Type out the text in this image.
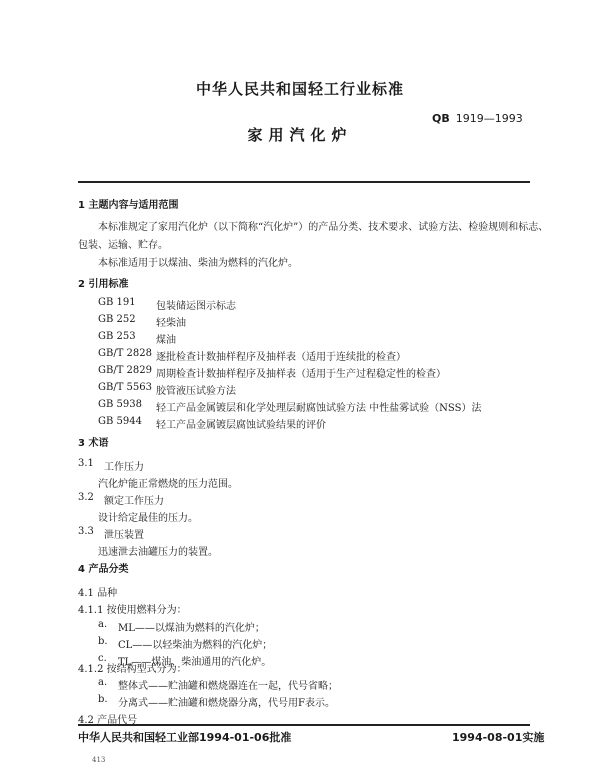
中华人民共和国轻工行业标准
QB 1919—1993
家用汽化炉
1 主题内容与适用范围
本标准规定了家用汽化炉（以下简称“汽化炉”）的产品分类、技术要求、试验方法、检验规则和标志、
包装、运输、贮存。
本标准适用于以煤油、柴油为燃料的汽化炉。
2 引用标准
GB 191 包装储运图示标志
GB 252 轻柴油
GB 253 煤油
GB/T 2828 逐批检查计数抽样程序及抽样表（适用于连续批的检查）
GB/T 2829 周期检查计数抽样程序及抽样表（适用于生产过程稳定性的检查）
GB/T 5563 胶管液压试验方法
GB 5938 轻工产品金属镀层和化学处理层耐腐蚀试验方法 中性盐雾试验（NSS）法
GB 5944 轻工产品金属镀层腐蚀试验结果的评价
3 术语
3.1 工作压力
汽化炉能正常燃烧的压力范围。
3.2 额定工作压力
设计给定最佳的压力。
3.3 泄压装置
迅速泄去油罐压力的装置。
4 产品分类
4.1 品种
4.1.1 按使用燃料分为：
a. ML——以煤油为燃料的汽化炉；
b. CL——以轻柴油为燃料的汽化炉；
c. TL——煤油、柴油通用的汽化炉。
4.1.2 按结构型式分为：
a. 整体式——贮油罐和燃烧器连在一起，代号省略；
b. 分离式——贮油罐和燃烧器分离，代号用F表示。
4.2 产品代号
中华人民共和国轻工业部1994-01-06批准	1994-08-01实施
413
